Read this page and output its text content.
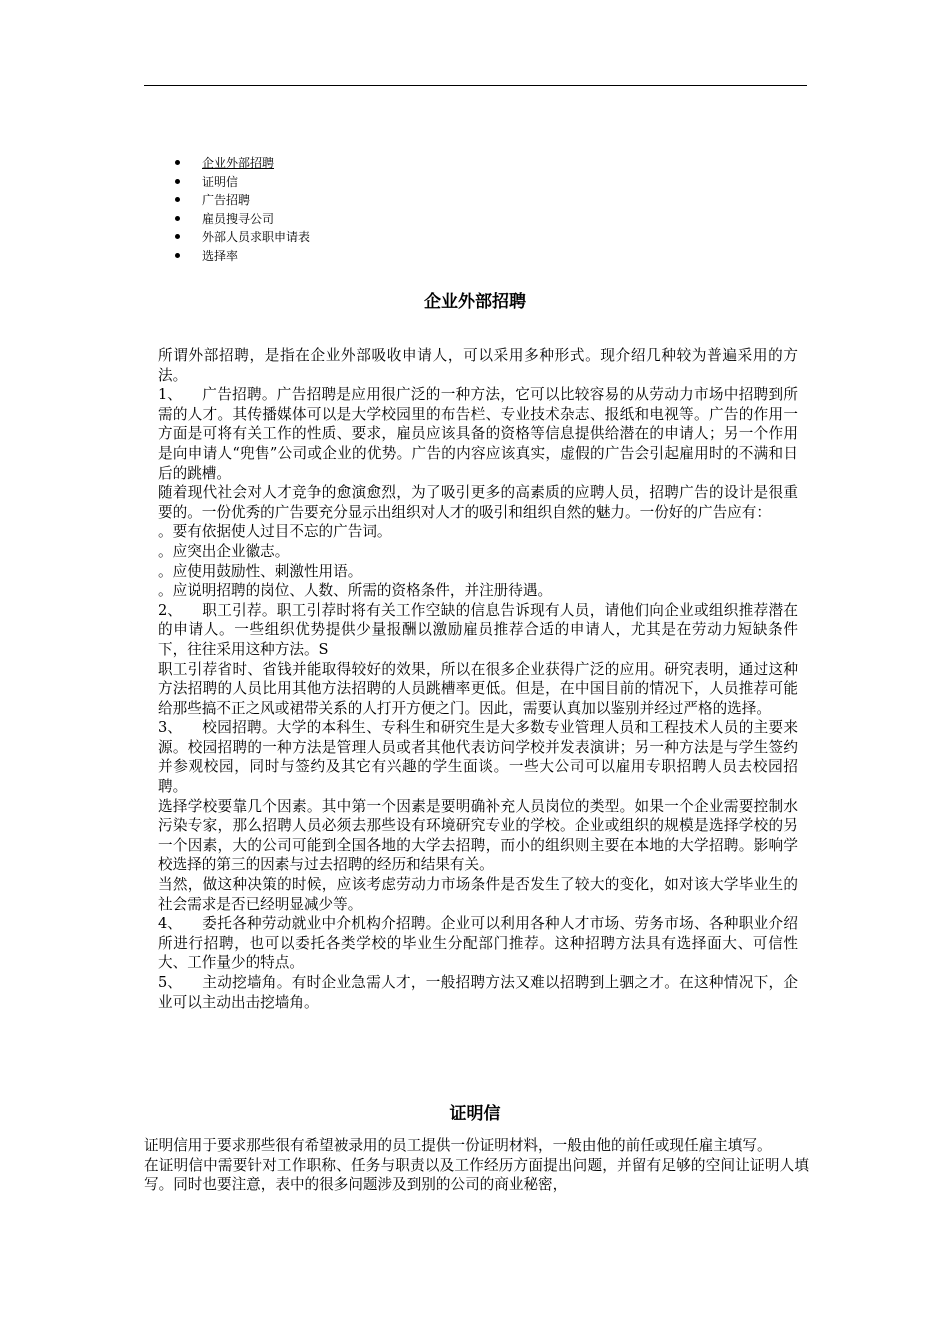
企业外部招聘
证明信
广告招聘
雇员搜寻公司
外部人员求职申请表
选择率
企业外部招聘

所谓外部招聘，是指在企业外部吸收申请人，可以采用多种形式。现介绍几种较为普遍采用的方法。

1、 广告招聘。广告招聘是应用很广泛的一种方法，它可以比较容易的从劳动力市场中招聘到所需的人才。其传播媒体可以是大学校园里的布告栏、专业技术杂志、报纸和电视等。广告的作用一方面是可将有关工作的性质、要求，雇员应该具备的资格等信息提供给潜在的申请人；另一个作用是向申请人“兜售”公司或企业的优势。广告的内容应该真实，虚假的广告会引起雇用时的不满和日后的跳槽。

随着现代社会对人才竞争的愈演愈烈，为了吸引更多的高素质的应聘人员，招聘广告的设计是很重要的。一份优秀的广告要充分显示出组织对人才的吸引和组织自然的魅力。一份好的广告应有：

。要有依据使人过目不忘的广告词。

。应突出企业徽志。

。应使用鼓励性、刺激性用语。

。应说明招聘的岗位、人数、所需的资格条件，并注册待遇。

2、 职工引荐。职工引荐时将有关工作空缺的信息告诉现有人员，请他们向企业或组织推荐潜在的申请人。一些组织优势提供少量报酬以激励雇员推荐合适的申请人，尤其是在劳动力短缺条件下，往往采用这种方法。S

职工引荐省时、省钱并能取得较好的效果，所以在很多企业获得广泛的应用。研究表明，通过这种方法招聘的人员比用其他方法招聘的人员跳槽率更低。但是，在中国目前的情况下，人员推荐可能给那些搞不正之风或裙带关系的人打开方便之门。因此，需要认真加以鉴别并经过严格的选择。

3、 校园招聘。大学的本科生、专科生和研究生是大多数专业管理人员和工程技术人员的主要来源。校园招聘的一种方法是管理人员或者其他代表访问学校并发表演讲；另一种方法是与学生签约并参观校园，同时与签约及其它有兴趣的学生面谈。一些大公司可以雇用专职招聘人员去校园招聘。

选择学校要靠几个因素。其中第一个因素是要明确补充人员岗位的类型。如果一个企业需要控制水污染专家，那么招聘人员必须去那些设有环境研究专业的学校。企业或组织的规模是选择学校的另一个因素，大的公司可能到全国各地的大学去招聘，而小的组织则主要在本地的大学招聘。影响学校选择的第三的因素与过去招聘的经历和结果有关。

当然，做这种决策的时候，应该考虑劳动力市场条件是否发生了较大的变化，如对该大学毕业生的社会需求是否已经明显减少等。

4、 委托各种劳动就业中介机构介招聘。企业可以利用各种人才市场、劳务市场、各种职业介绍所进行招聘，也可以委托各类学校的毕业生分配部门推荐。这种招聘方法具有选择面大、可信性大、工作量少的特点。

5、 主动挖墙角。有时企业急需人才，一般招聘方法又难以招聘到上驷之才。在这种情况下，企业可以主动出击挖墙角。

证明信

证明信用于要求那些很有希望被录用的员工提供一份证明材料，一般由他的前任或现任雇主填写。

在证明信中需要针对工作职称、任务与职责以及工作经历方面提出问题，并留有足够的空间让证明人填写。同时也要注意，表中的很多问题涉及到别的公司的商业秘密，
